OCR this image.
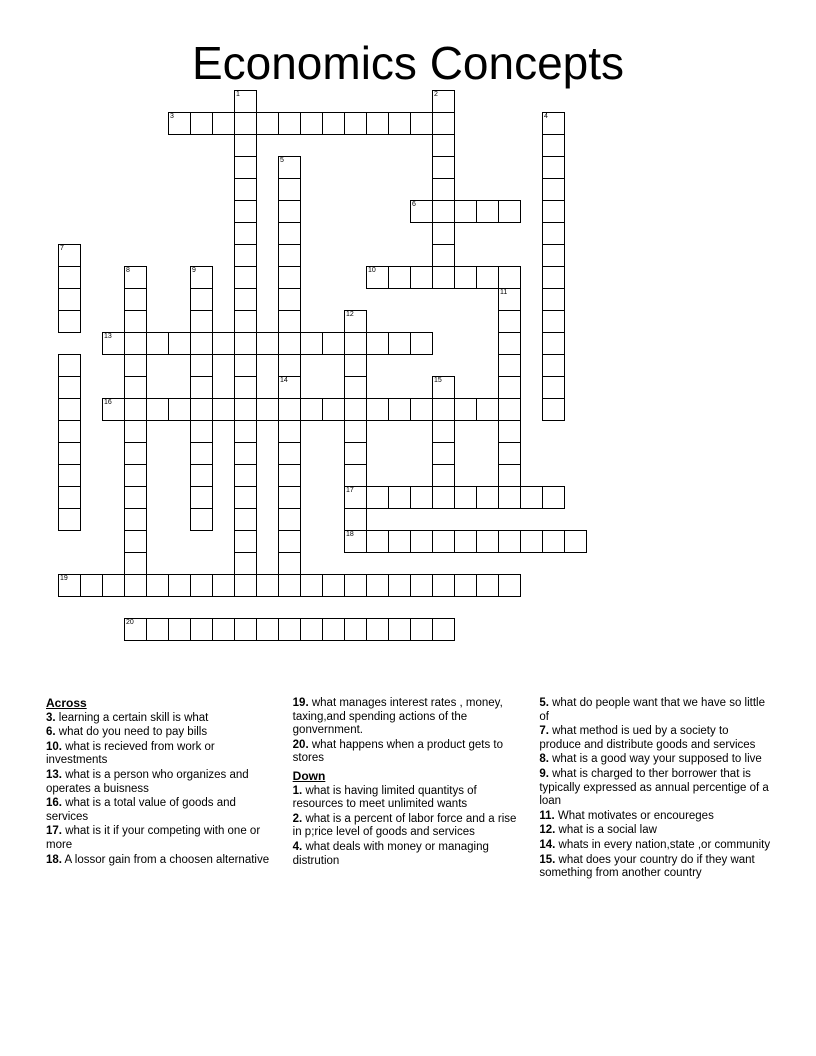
Economics Concepts
1	2
3	4
5
6
7
8	9	10
11
12
13
14	15
16
17
18
19
20
Across
3. learning a certain skill is what
6. what do you need to pay bills
10. what is recieved from work or investments
13. what is a person who organizes and operates a buisness
16. what is a total value of goods and services
17. what is it if your competing with one or more
18. A lossor gain from a choosen alternative
19. what manages interest rates , money, taxing,and spending actions of the gonvernment.
20. what happens when a product gets to stores
Down
1. what is having limited quantitys of resources to meet unlimited wants
2. what is a percent of labor force and a rise in p;rice level of goods and services
4. what deals with money or managing distrution
5. what do people want that we have so little of
7. what method is ued by a society to produce and distribute goods and services
8. what is a good way your supposed to live
9. what is charged to ther borrower that is typically expressed as annual percentige of a loan
11. What motivates or encoureges
12. what is a social law
14. whats in every nation,state ,or community
15. what does your country do if they want something from another country
